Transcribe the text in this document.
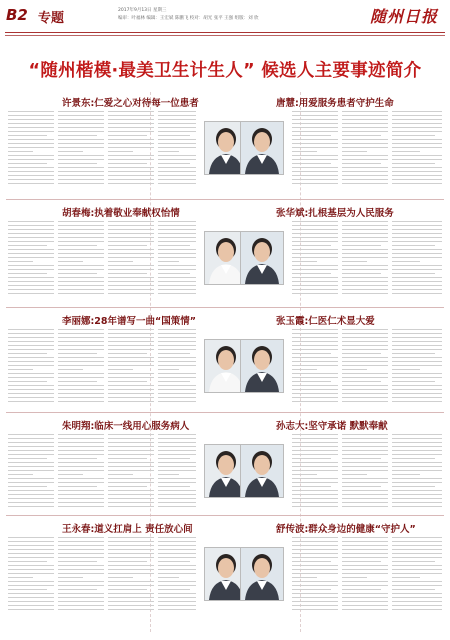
B2 专题
2017年9月13日 星期三
编审：叶福林 编辑：王宏斌 陈鹏飞 校对：胡光 张平 王强 组版：刘 欣	随州日报
“随州楷模·最美卫生计生人” 候选人主要事迹简介
许景东:仁爱之心对待每一位患者	唐慧:用爱服务患者守护生命
胡春梅:执着敬业奉献权怡情	张华斌:扎根基层为人民服务
李丽娜:28年谱写一曲“国策情”	张玉霞:仁医仁术显大爱
朱明翔:临床一线用心服务病人	孙志大:坚守承诺 默默奉献
王永春:道义扛肩上 责任放心间	舒传波:群众身边的健康“守护人”
